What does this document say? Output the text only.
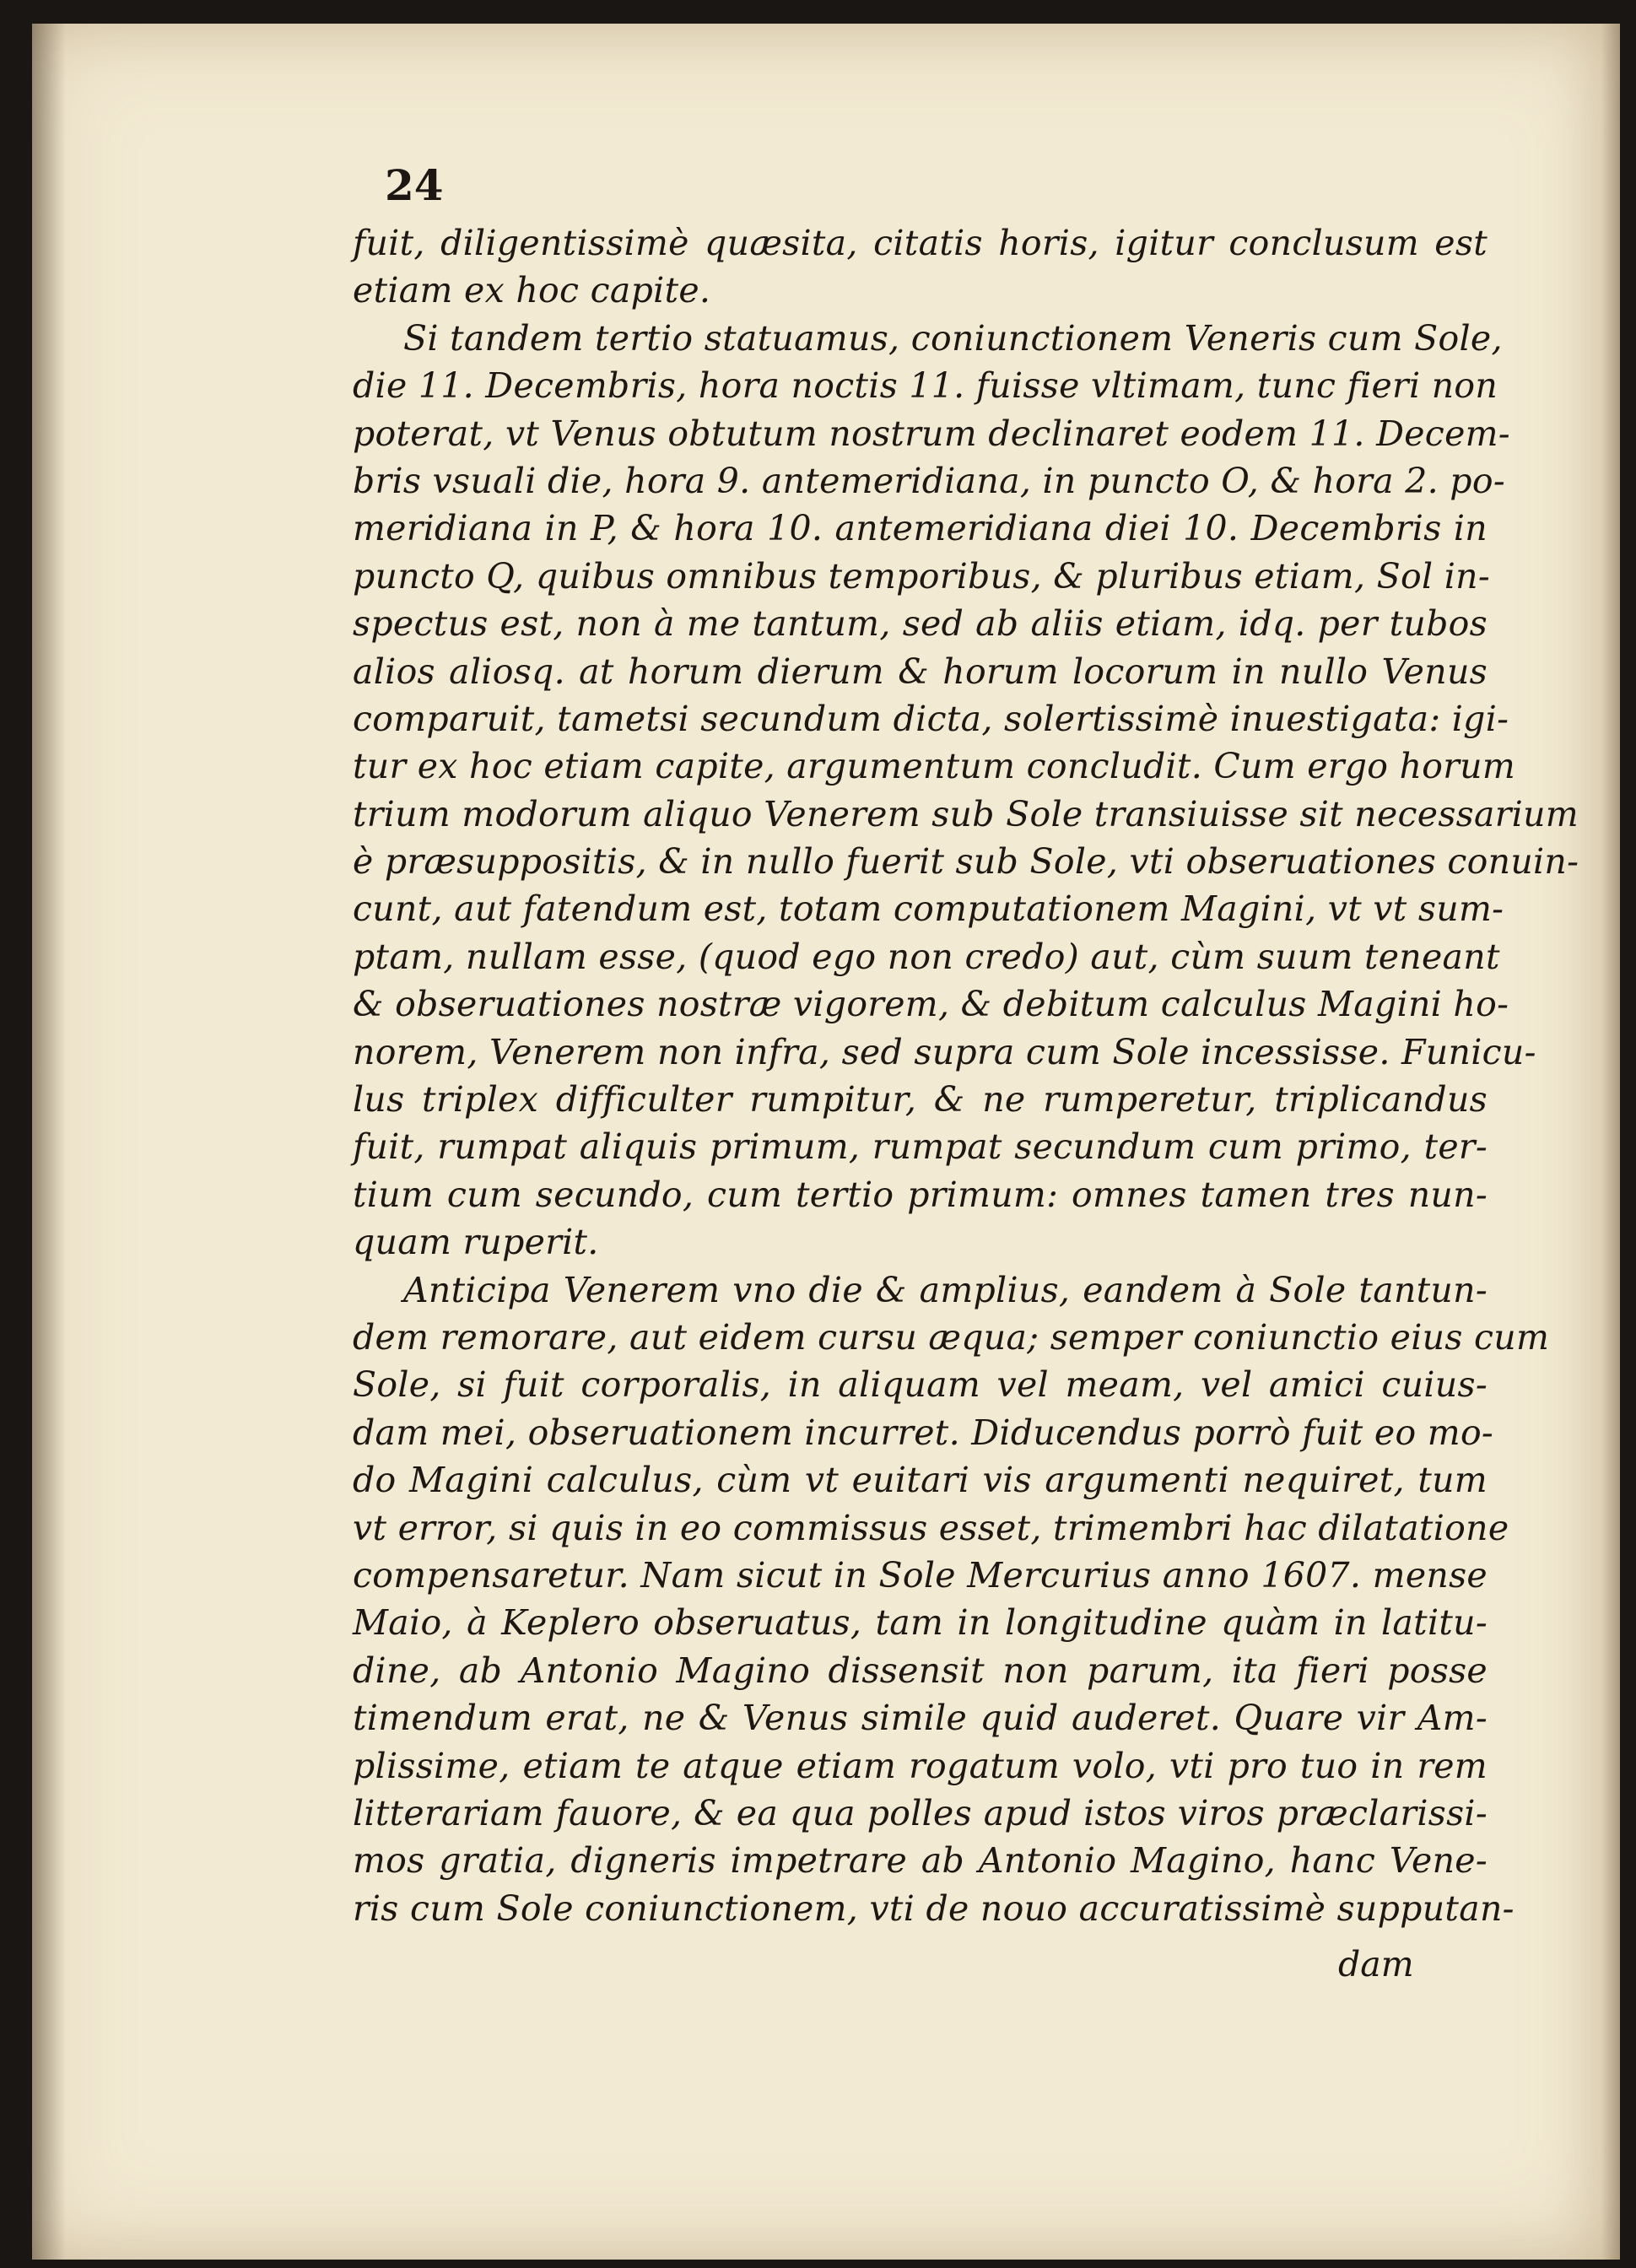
24

fuit, diligentissimè quæsita, citatis horis, igitur conclusum est
etiam ex hoc capite.
Si tandem tertio statuamus, coniunctionem Veneris cum Sole,
die 11. Decembris, hora noctis 11. fuisse vltimam, tunc fieri non
poterat, vt Venus obtutum nostrum declinaret eodem 11. Decem-
bris vsuali die, hora 9. antemeridiana, in puncto O, & hora 2. po-
meridiana in P, & hora 10. antemeridiana diei 10. Decembris in
puncto Q, quibus omnibus temporibus, & pluribus etiam, Sol in-
spectus est, non à me tantum, sed ab aliis etiam, idq. per tubos
alios aliosq. at horum dierum & horum locorum in nullo Venus
comparuit, tametsi secundum dicta, solertissimè inuestigata: igi-
tur ex hoc etiam capite, argumentum concludit. Cum ergo horum
trium modorum aliquo Venerem sub Sole transiuisse sit necessarium
è præsuppositis, & in nullo fuerit sub Sole, vti obseruationes conuin-
cunt, aut fatendum est, totam computationem Magini, vt vt sum-
ptam, nullam esse, (quod ego non credo) aut, cùm suum teneant
& obseruationes nostræ vigorem, & debitum calculus Magini ho-
norem, Venerem non infra, sed supra cum Sole incessisse. Funicu-
lus triplex difficulter rumpitur, & ne rumperetur, triplicandus
fuit, rumpat aliquis primum, rumpat secundum cum primo, ter-
tium cum secundo, cum tertio primum: omnes tamen tres nun-
quam ruperit.
Anticipa Venerem vno die & amplius, eandem à Sole tantun-
dem remorare, aut eidem cursu æqua; semper coniunctio eius cum
Sole, si fuit corporalis, in aliquam vel meam, vel amici cuius-
dam mei, obseruationem incurret. Diducendus porrò fuit eo mo-
do Magini calculus, cùm vt euitari vis argumenti nequiret, tum
vt error, si quis in eo commissus esset, trimembri hac dilatatione
compensaretur. Nam sicut in Sole Mercurius anno 1607. mense
Maio, à Keplero obseruatus, tam in longitudine quàm in latitu-
dine, ab Antonio Magino dissensit non parum, ita fieri posse
timendum erat, ne & Venus simile quid auderet. Quare vir Am-
plissime, etiam te atque etiam rogatum volo, vti pro tuo in rem
litterariam fauore, & ea qua polles apud istos viros præclarissi-
mos gratia, digneris impetrare ab Antonio Magino, hanc Vene-
ris cum Sole coniunctionem, vti de nouo accuratissimè supputan-

dam
